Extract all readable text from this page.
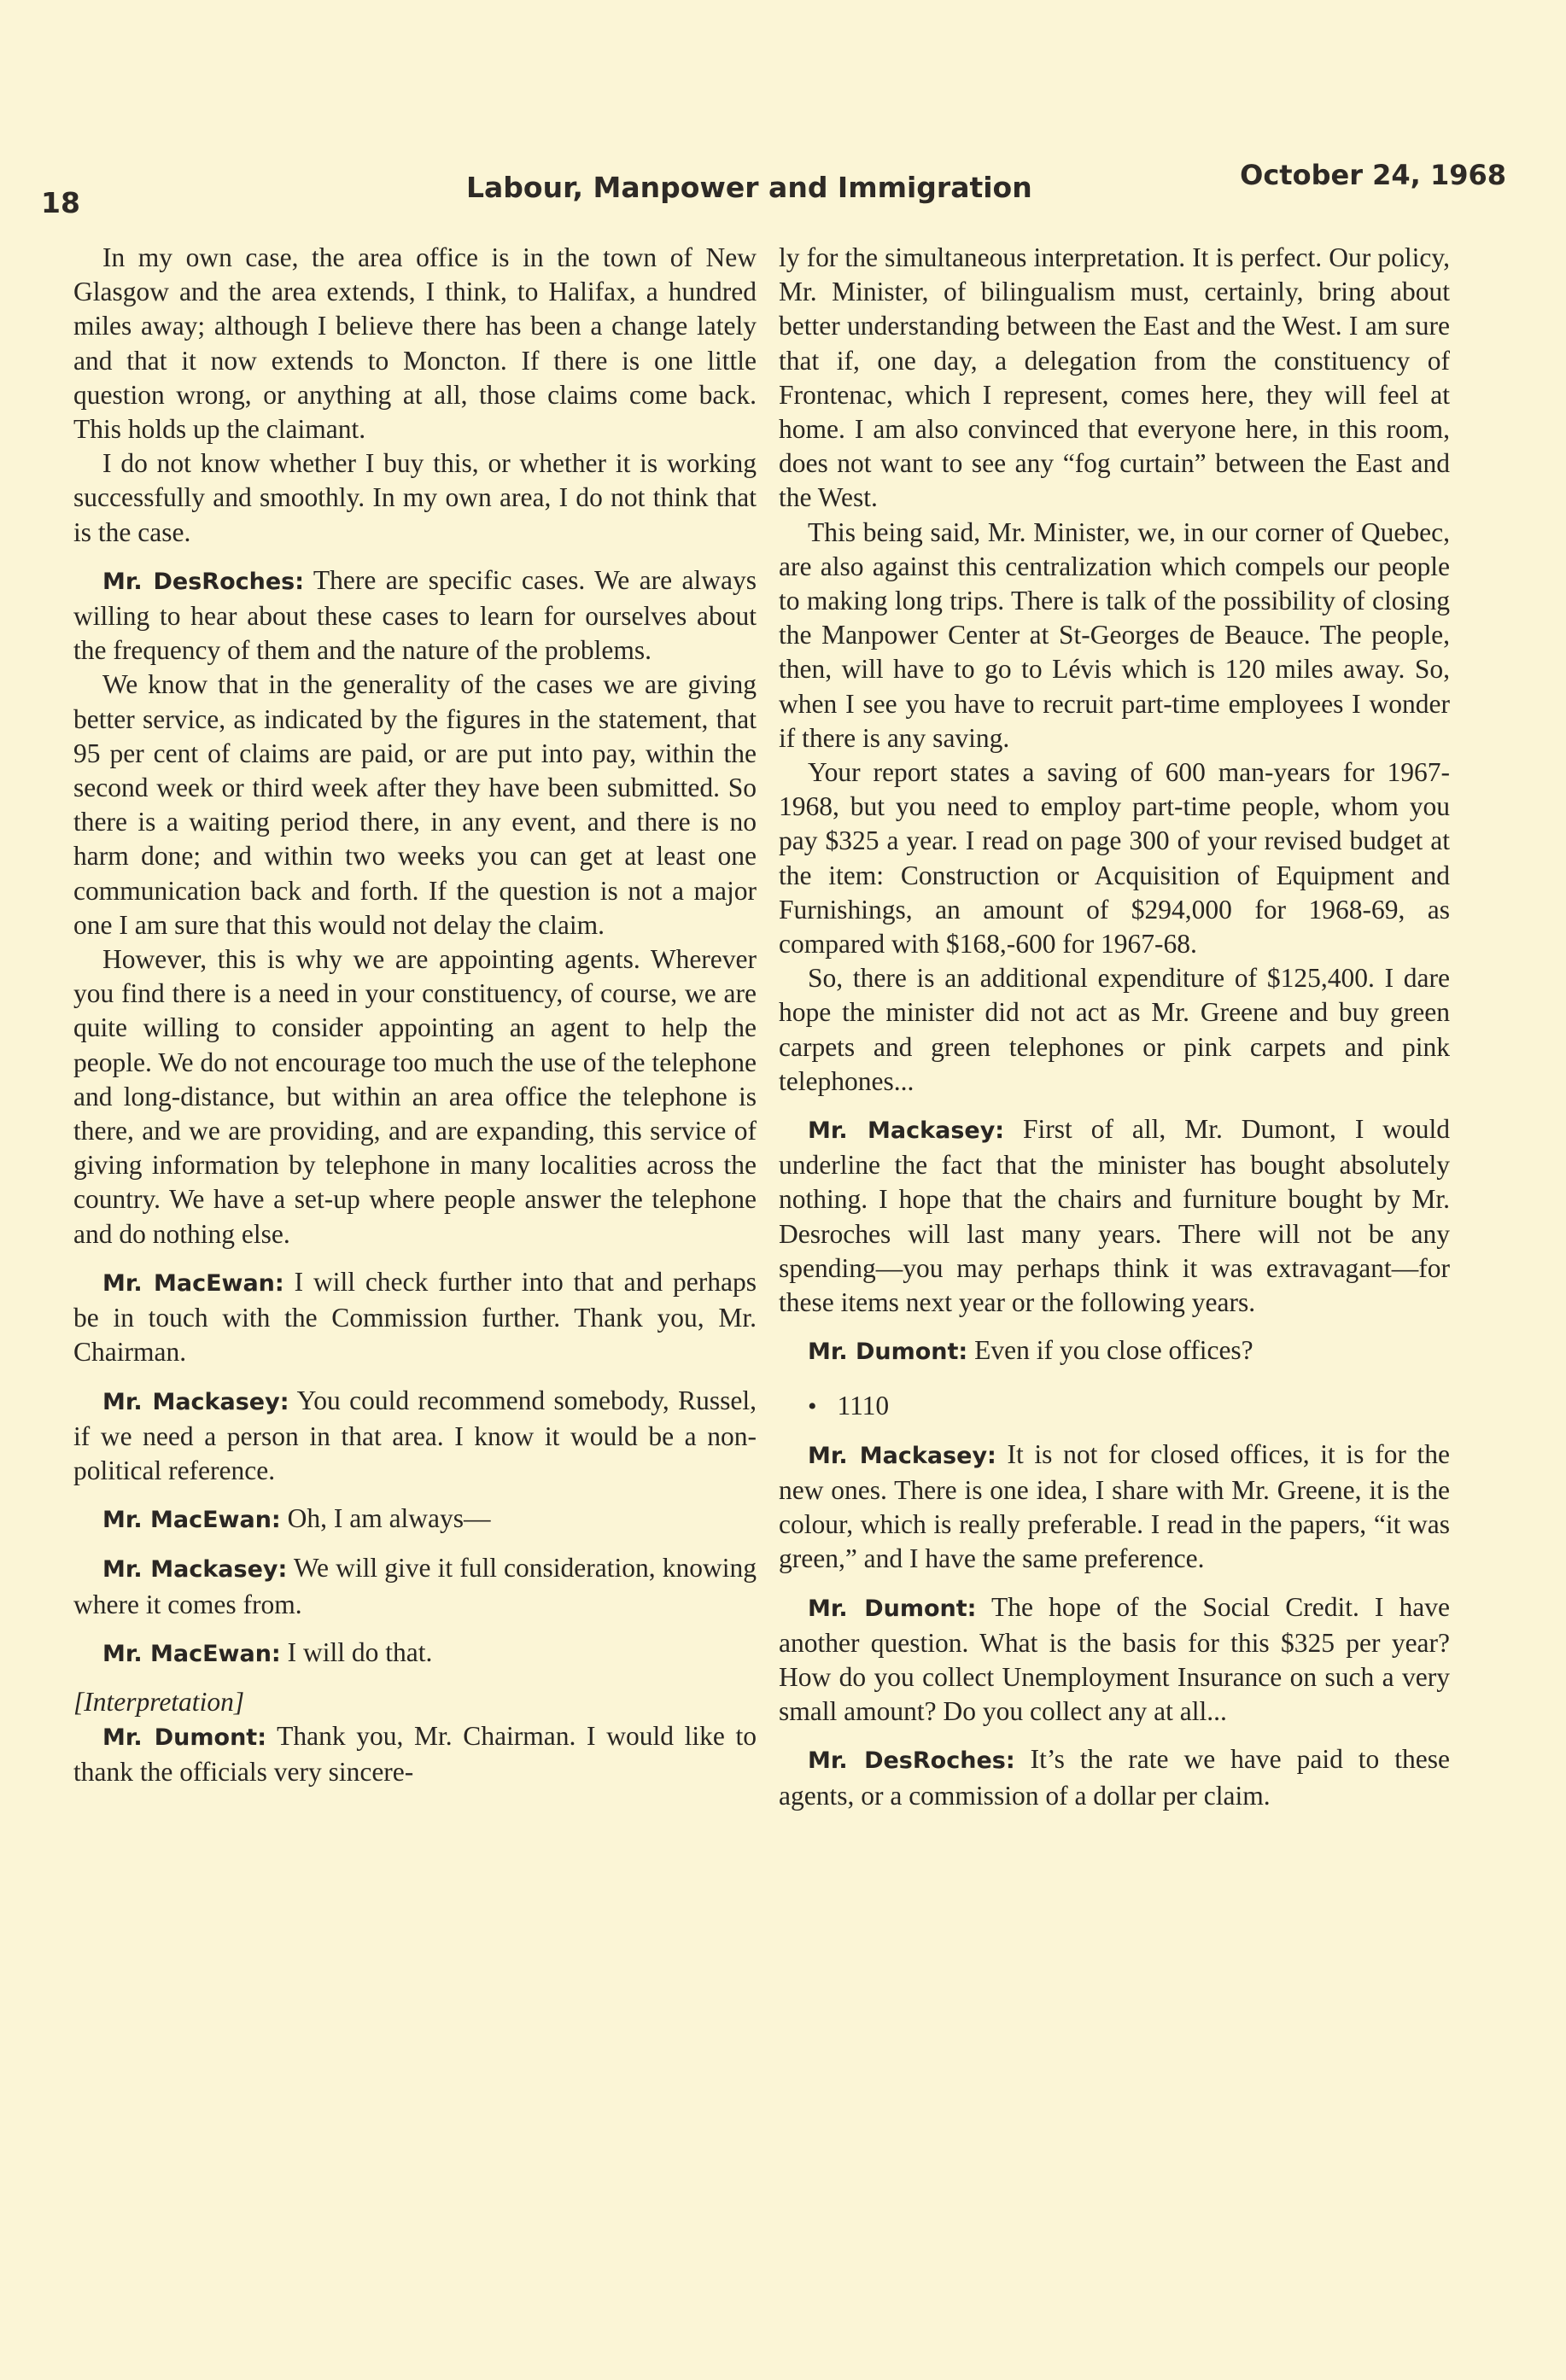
18	Labour, Manpower and Immigration	October 24, 1968

In my own case, the area office is in the town of New Glasgow and the area extends, I think, to Halifax, a hundred miles away; although I believe there has been a change lately and that it now extends to Moncton. If there is one little question wrong, or anything at all, those claims come back. This holds up the claimant.

I do not know whether I buy this, or whether it is working successfully and smoothly. In my own area, I do not think that is the case.

Mr. DesRoches: There are specific cases. We are always willing to hear about these cases to learn for ourselves about the frequency of them and the nature of the problems.

We know that in the generality of the cases we are giving better service, as indicated by the figures in the statement, that 95 per cent of claims are paid, or are put into pay, within the second week or third week after they have been submitted. So there is a waiting period there, in any event, and there is no harm done; and within two weeks you can get at least one communication back and forth. If the question is not a major one I am sure that this would not delay the claim.

However, this is why we are appointing agents. Wherever you find there is a need in your constituency, of course, we are quite willing to consider appointing an agent to help the people. We do not encourage too much the use of the telephone and long-distance, but within an area office the telephone is there, and we are providing, and are expanding, this service of giving information by telephone in many localities across the country. We have a set-up where people answer the telephone and do nothing else.

Mr. MacEwan: I will check further into that and perhaps be in touch with the Commission further. Thank you, Mr. Chairman.

Mr. Mackasey: You could recommend somebody, Russel, if we need a person in that area. I know it would be a non-political reference.

Mr. MacEwan: Oh, I am always—

Mr. Mackasey: We will give it full consideration, knowing where it comes from.

Mr. MacEwan: I will do that.

[Interpretation]

Mr. Dumont: Thank you, Mr. Chairman. I would like to thank the officials very sincere-

ly for the simultaneous interpretation. It is perfect. Our policy, Mr. Minister, of bilingualism must, certainly, bring about better understanding between the East and the West. I am sure that if, one day, a delegation from the constituency of Frontenac, which I represent, comes here, they will feel at home. I am also convinced that everyone here, in this room, does not want to see any “fog curtain” between the East and the West.

This being said, Mr. Minister, we, in our corner of Quebec, are also against this centralization which compels our people to making long trips. There is talk of the possibility of closing the Manpower Center at St-Georges de Beauce. The people, then, will have to go to Lévis which is 120 miles away. So, when I see you have to recruit part-time employees I wonder if there is any saving.

Your report states a saving of 600 man-years for 1967-1968, but you need to employ part-time people, whom you pay $325 a year. I read on page 300 of your revised budget at the item: Construction or Acquisition of Equipment and Furnishings, an amount of $294,000 for 1968-69, as compared with $168,-600 for 1967-68.

So, there is an additional expenditure of $125,400. I dare hope the minister did not act as Mr. Greene and buy green carpets and green telephones or pink carpets and pink telephones...

Mr. Mackasey: First of all, Mr. Dumont, I would underline the fact that the minister has bought absolutely nothing. I hope that the chairs and furniture bought by Mr. Desroches will last many years. There will not be any spending—you may perhaps think it was extravagant—for these items next year or the following years.

Mr. Dumont: Even if you close offices?

• 1110

Mr. Mackasey: It is not for closed offices, it is for the new ones. There is one idea, I share with Mr. Greene, it is the colour, which is really preferable. I read in the papers, “it was green,” and I have the same preference.

Mr. Dumont: The hope of the Social Credit. I have another question. What is the basis for this $325 per year? How do you collect Unemployment Insurance on such a very small amount? Do you collect any at all...

Mr. DesRoches: It’s the rate we have paid to these agents, or a commission of a dollar per claim.
